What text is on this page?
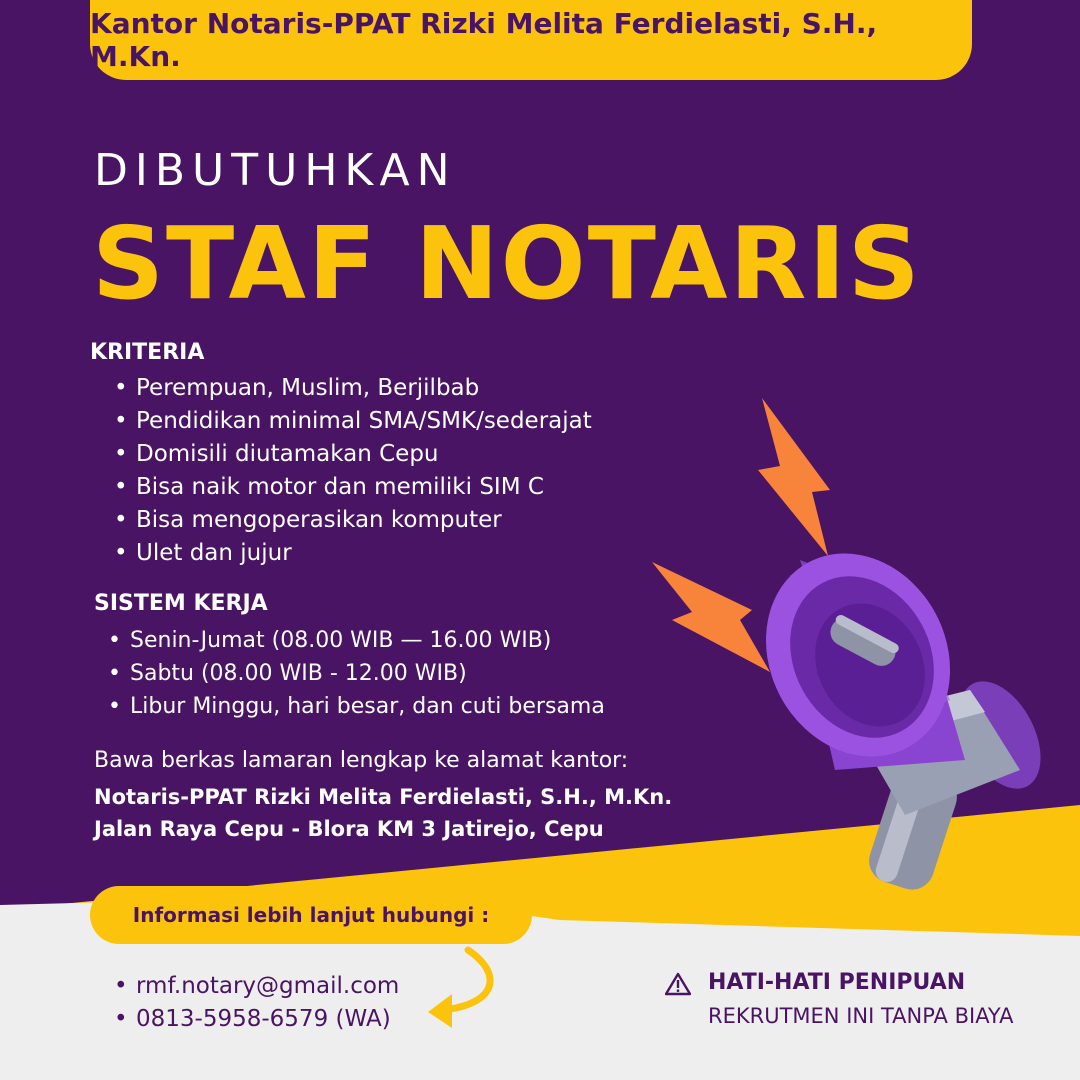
Kantor Notaris-PPAT Rizki Melita Ferdielasti, S.H., M.Kn.
DIBUTUHKAN
STAF NOTARIS
KRITERIA
• Perempuan, Muslim, Berjilbab
• Pendidikan minimal SMA/SMK/sederajat
• Domisili diutamakan Cepu
• Bisa naik motor dan memiliki SIM C
• Bisa mengoperasikan komputer
• Ulet dan jujur
SISTEM KERJA
• Senin-Jumat (08.00 WIB — 16.00 WIB)
• Sabtu (08.00 WIB - 12.00 WIB)
• Libur Minggu, hari besar, dan cuti bersama
Bawa berkas lamaran lengkap ke alamat kantor:
Notaris-PPAT Rizki Melita Ferdielasti, S.H., M.Kn.
Jalan Raya Cepu - Blora KM 3 Jatirejo, Cepu
Informasi lebih lanjut hubungi :
• rmf.notary@gmail.com
• 0813-5958-6579 (WA)
HATI-HATI PENIPUAN
REKRUTMEN INI TANPA BIAYA
